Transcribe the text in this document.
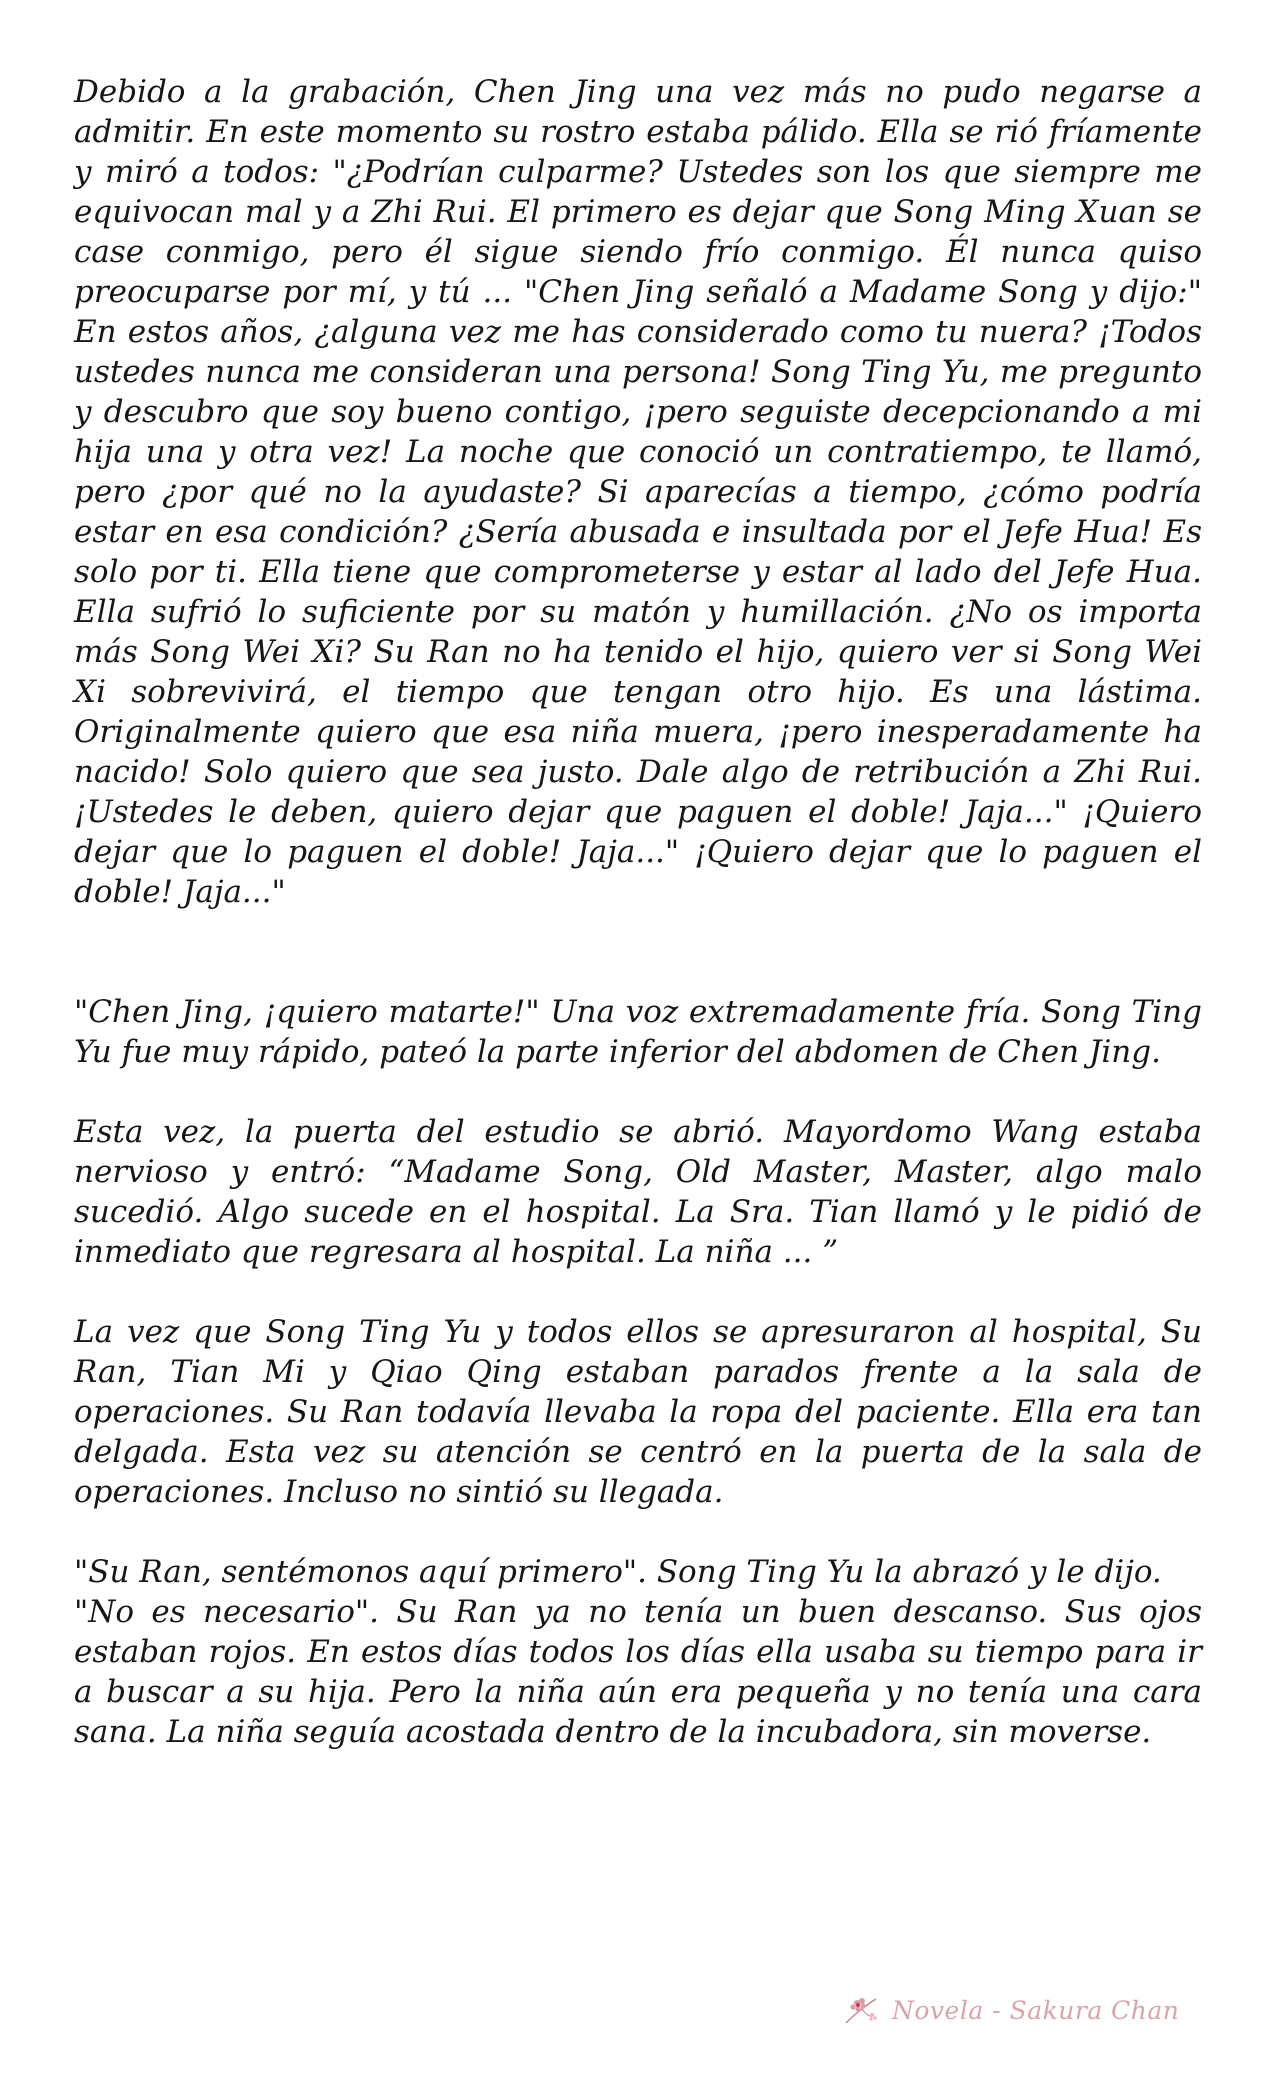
Debido a la grabación, Chen Jing una vez más no pudo negarse a admitir. En este momento su rostro estaba pálido. Ella se rió fríamente y miró a todos: "¿Podrían culparme? Ustedes son los que siempre me equivocan mal y a Zhi Rui. El primero es dejar que Song Ming Xuan se case conmigo, pero él sigue siendo frío conmigo. Él nunca quiso preocuparse por mí, y tú ... "Chen Jing señaló a Madame Song y dijo:" En estos años, ¿alguna vez me has considerado como tu nuera? ¡Todos ustedes nunca me consideran una persona! Song Ting Yu, me pregunto y descubro que soy bueno contigo, ¡pero seguiste decepcionando a mi hija una y otra vez! La noche que conoció un contratiempo, te llamó, pero ¿por qué no la ayudaste? Si aparecías a tiempo, ¿cómo podría estar en esa condición? ¿Sería abusada e insultada por el Jefe Hua! Es solo por ti. Ella tiene que comprometerse y estar al lado del Jefe Hua. Ella sufrió lo suficiente por su matón y humillación. ¿No os importa más Song Wei Xi? Su Ran no ha tenido el hijo, quiero ver si Song Wei Xi sobrevivirá, el tiempo que tengan otro hijo. Es una lástima. Originalmente quiero que esa niña muera, ¡pero inesperadamente ha nacido! Solo quiero que sea justo. Dale algo de retribución a Zhi Rui. ¡Ustedes le deben, quiero dejar que paguen el doble! Jaja..." ¡Quiero dejar que lo paguen el doble! Jaja..." ¡Quiero dejar que lo paguen el doble! Jaja..."

"Chen Jing, ¡quiero matarte!" Una voz extremadamente fría. Song Ting Yu fue muy rápido, pateó la parte inferior del abdomen de Chen Jing.

Esta vez, la puerta del estudio se abrió. Mayordomo Wang estaba nervioso y entró: “Madame Song, Old Master, Master, algo malo sucedió. Algo sucede en el hospital. La Sra. Tian llamó y le pidió de inmediato que regresara al hospital. La niña ... ”

La vez que Song Ting Yu y todos ellos se apresuraron al hospital, Su Ran, Tian Mi y Qiao Qing estaban parados frente a la sala de operaciones. Su Ran todavía llevaba la ropa del paciente. Ella era tan delgada. Esta vez su atención se centró en la puerta de la sala de operaciones. Incluso no sintió su llegada.

"Su Ran, sentémonos aquí primero". Song Ting Yu la abrazó y le dijo.

"No es necesario". Su Ran ya no tenía un buen descanso. Sus ojos estaban rojos. En estos días todos los días ella usaba su tiempo para ir a buscar a su hija. Pero la niña aún era pequeña y no tenía una cara sana. La niña seguía acostada dentro de la incubadora, sin moverse.

Novela - Sakura Chan
